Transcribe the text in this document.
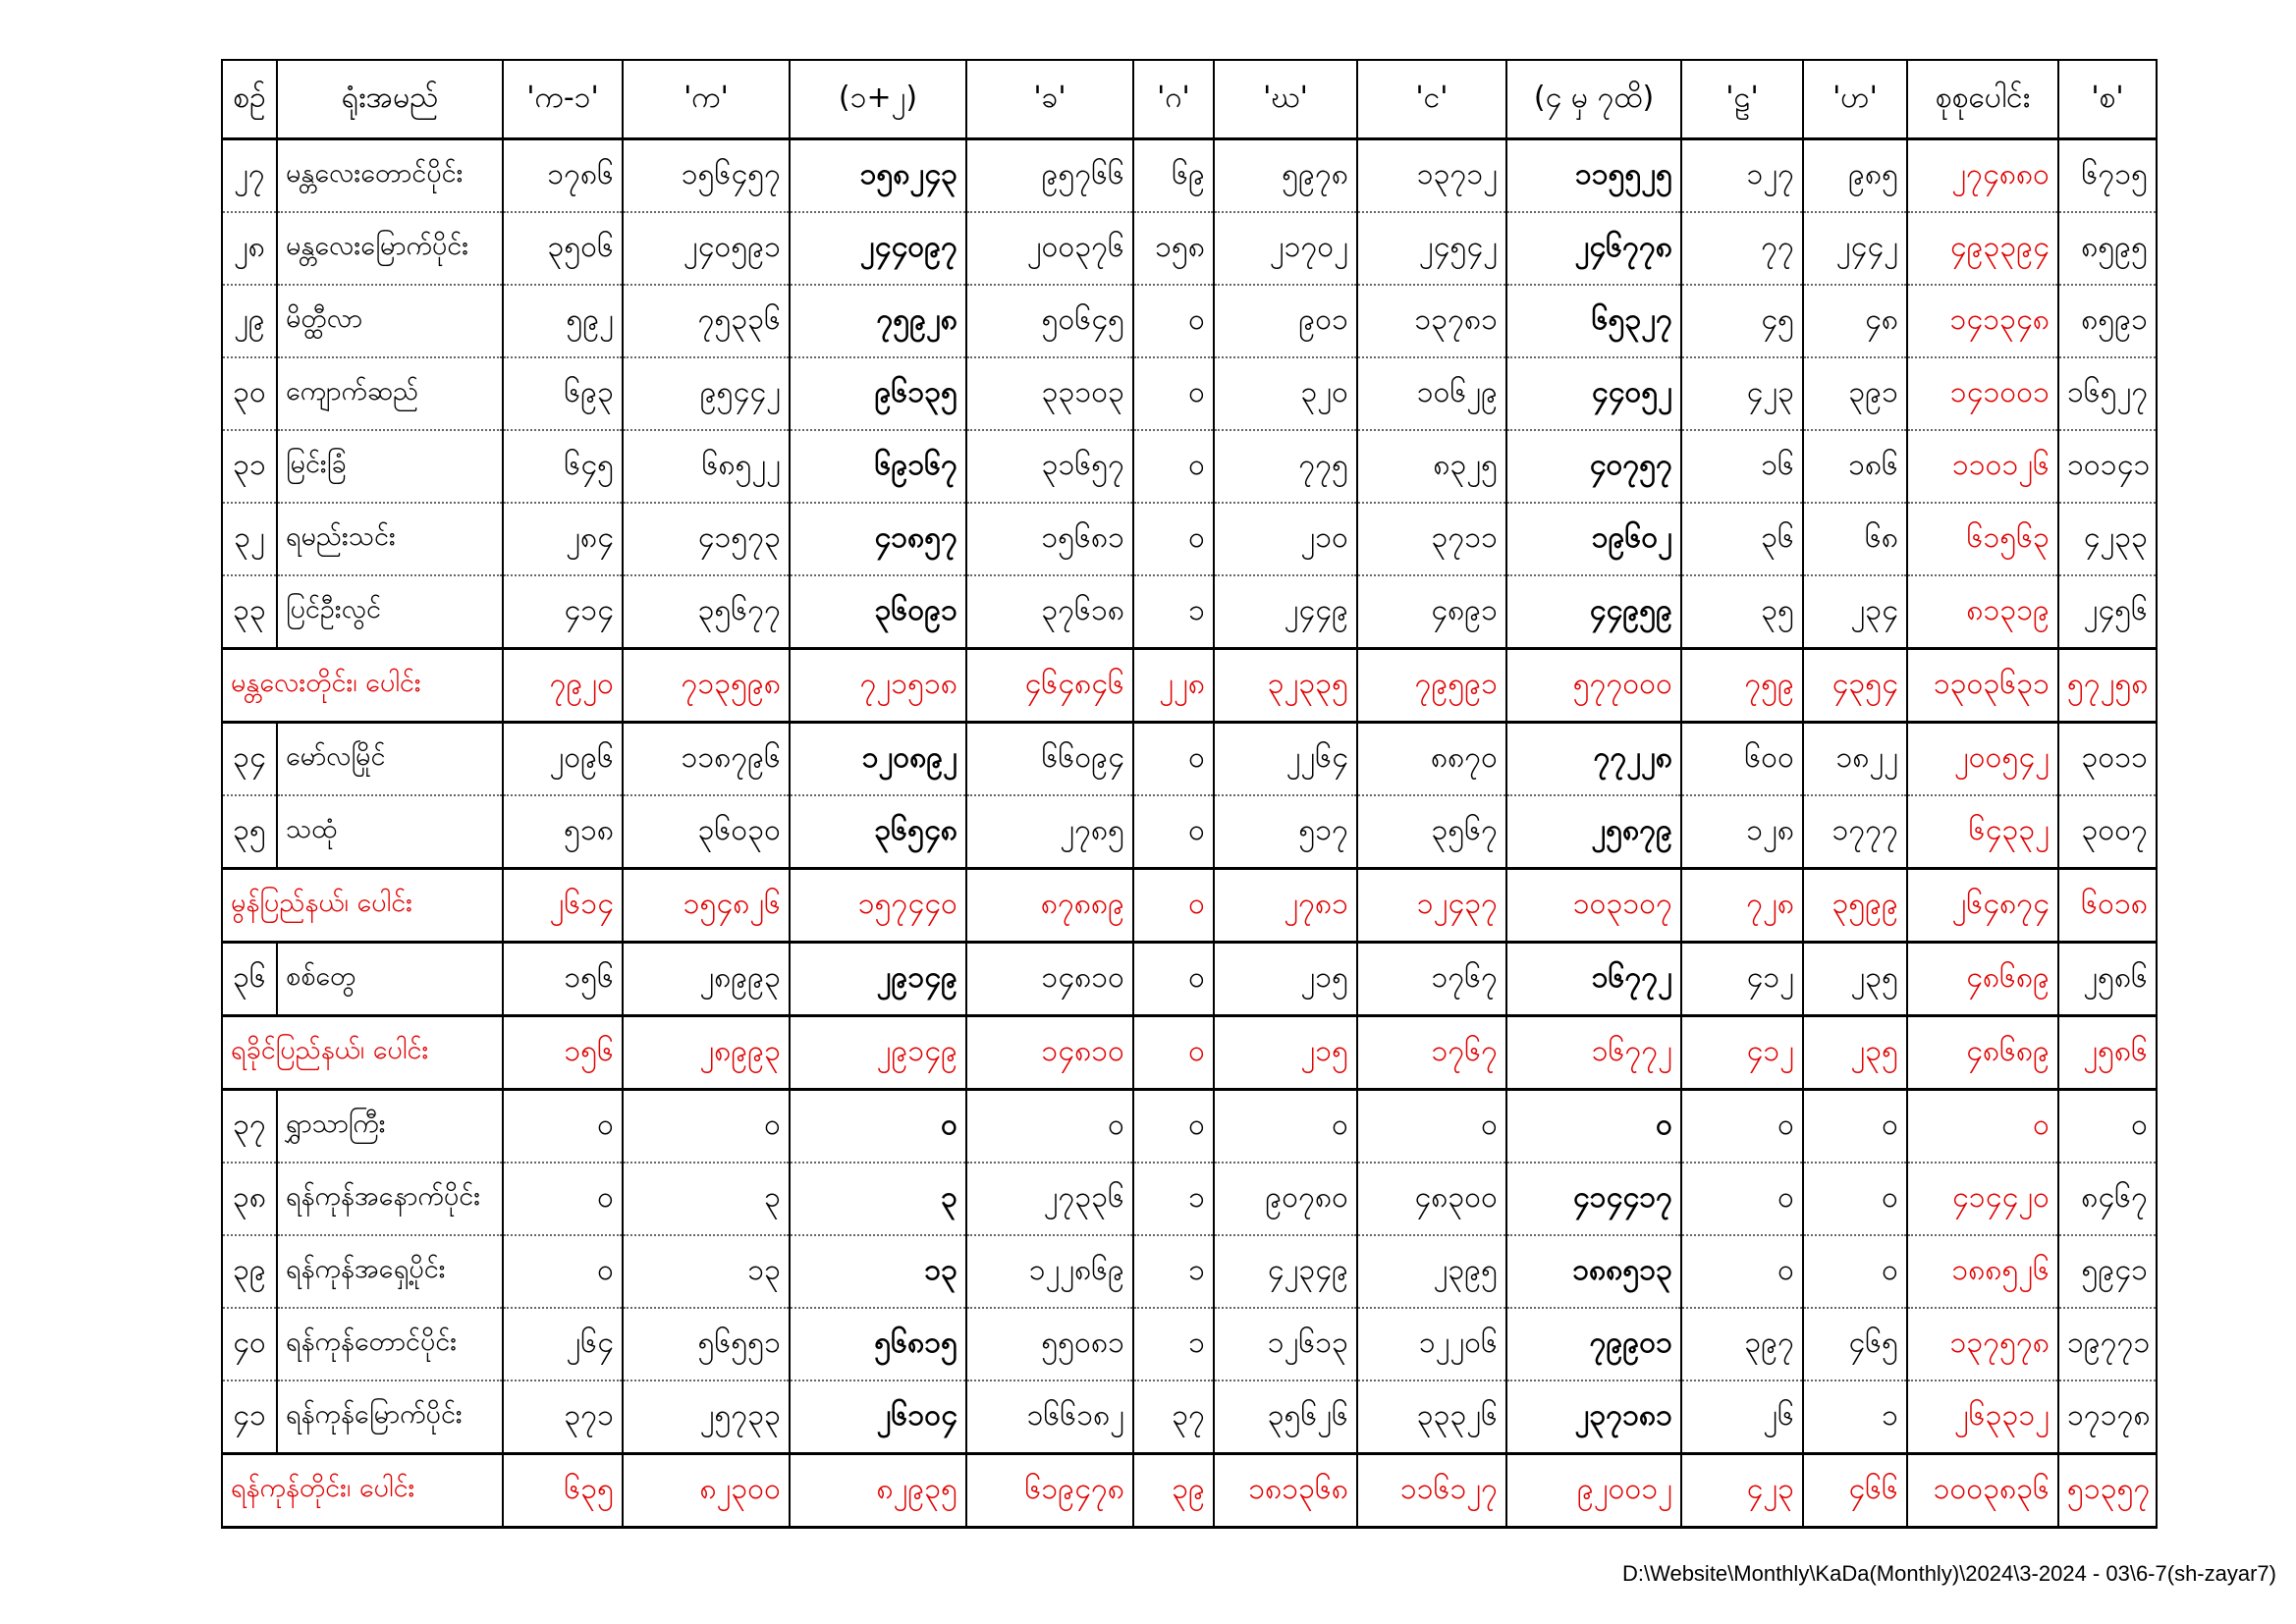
စဉ်	ရုံးအမည်	'က-၁'	'က'	(၁+၂)	'ခ'	'ဂ'	'ဃ'	'င'	(၄ မှ ၇ထိ)	'ဠ'	'ဟ'	စုစုပေါင်း	'စ'
၂၇	မန္တလေးတောင်ပိုင်း	၁၇၈၆	၁၅၆၄၅၇	၁၅၈၂၄၃	၉၅၇၆၆	၆၉	၅၉၇၈	၁၃၇၁၂	၁၁၅၅၂၅	၁၂၇	၉၈၅	၂၇၄၈၈၀	၆၇၁၅
၂၈	မန္တလေးမြောက်ပိုင်း	၃၅၀၆	၂၄၀၅၉၁	၂၄၄၀၉၇	၂၀၀၃၇၆	၁၅၈	၂၁၇၀၂	၂၄၅၄၂	၂၄၆၇၇၈	၇၇	၂၄၄၂	၄၉၃၃၉၄	၈၅၉၅
၂၉	မိတ္ထီလာ	၅၉၂	၇၅၃၃၆	၇၅၉၂၈	၅၀၆၄၅	၀	၉၀၁	၁၃၇၈၁	၆၅၃၂၇	၄၅	၄၈	၁၄၁၃၄၈	၈၅၉၁
၃၀	ကျောက်ဆည်	၆၉၃	၉၅၄၄၂	၉၆၁၃၅	၃၃၁၀၃	၀	၃၂၀	၁၀၆၂၉	၄၄၀၅၂	၄၂၃	၃၉၁	၁၄၁၀၀၁	၁၆၅၂၇
၃၁	မြင်းခြံ	၆၄၅	၆၈၅၂၂	၆၉၁၆၇	၃၁၆၅၇	၀	၇၇၅	၈၃၂၅	၄၀၇၅၇	၁၆	၁၈၆	၁၁၀၁၂၆	၁၀၁၄၁
၃၂	ရမည်းသင်း	၂၈၄	၄၁၅၇၃	၄၁၈၅၇	၁၅၆၈၁	၀	၂၁၀	၃၇၁၁	၁၉၆၀၂	၃၆	၆၈	၆၁၅၆၃	၄၂၃၃
၃၃	ပြင်ဦးလွင်	၄၁၄	၃၅၆၇၇	၃၆၀၉၁	၃၇၆၁၈	၁	၂၄၄၉	၄၈၉၁	၄၄၉၅၉	၃၅	၂၃၄	၈၁၃၁၉	၂၄၅၆
မန္တလေးတိုင်း၊ ပေါင်း		၇၉၂၀	၇၁၃၅၉၈	၇၂၁၅၁၈	၄၆၄၈၄၆	၂၂၈	၃၂၃၃၅	၇၉၅၉၁	၅၇၇၀၀၀	၇၅၉	၄၃၅၄	၁၃၀၃၆၃၁	၅၇၂၅၈
၃၄	မော်လမြိုင်	၂၀၉၆	၁၁၈၇၉၆	၁၂၀၈၉၂	၆၆၀၉၄	၀	၂၂၆၄	၈၈၇၀	၇၇၂၂၈	၆၀၀	၁၈၂၂	၂၀၀၅၄၂	၃၀၁၁
၃၅	သထုံ	၅၁၈	၃၆၀၃၀	၃၆၅၄၈	၂၇၈၅	၀	၅၁၇	၃၅၆၇	၂၅၈၇၉	၁၂၈	၁၇၇၇	၆၄၃၃၂	၃၀၀၇
မွန်ပြည်နယ်၊ ပေါင်း		၂၆၁၄	၁၅၄၈၂၆	၁၅၇၄၄၀	၈၇၈၈၉	၀	၂၇၈၁	၁၂၄၃၇	၁၀၃၁၀၇	၇၂၈	၃၅၉၉	၂၆၄၈၇၄	၆၀၁၈
၃၆	စစ်တွေ	၁၅၆	၂၈၉၉၃	၂၉၁၄၉	၁၄၈၁၀	၀	၂၁၅	၁၇၆၇	၁၆၇၇၂	၄၁၂	၂၃၅	၄၈၆၈၉	၂၅၈၆
ရခိုင်ပြည်နယ်၊ ပေါင်း		၁၅၆	၂၈၉၉၃	၂၉၁၄၉	၁၄၈၁၀	၀	၂၁၅	၁၇၆၇	၁၆၇၇၂	၄၁၂	၂၃၅	၄၈၆၈၉	၂၅၈၆
၃၇	ရွှာသာကြီး	၀	၀	၀	၀	၀	၀	၀	၀	၀	၀	၀	၀
၃၈	ရန်ကုန်အနောက်ပိုင်း	၀	၃	၃	၂၇၃၃၆	၁	၉၀၇၈၀	၄၈၃၀၀	၄၁၄၄၁၇	၀	၀	၄၁၄၄၂၀	၈၄၆၇
၃၉	ရန်ကုန်အရှေ့ပိုင်း	၀	၁၃	၁၃	၁၂၂၈၆၉	၁	၄၂၃၄၉	၂၃၉၅	၁၈၈၅၁၃	၀	၀	၁၈၈၅၂၆	၅၉၄၁
၄၀	ရန်ကုန်တောင်ပိုင်း	၂၆၄	၅၆၅၅၁	၅၆၈၁၅	၅၅၀၈၁	၁	၁၂၆၁၃	၁၂၂၀၆	၇၉၉၀၁	၃၉၇	၄၆၅	၁၃၇၅၇၈	၁၉၇၇၁
၄၁	ရန်ကုန်မြောက်ပိုင်း	၃၇၁	၂၅၇၃၃	၂၆၁၀၄	၁၆၆၁၈၂	၃၇	၃၅၆၂၆	၃၃၃၂၆	၂၃၇၁၈၁	၂၆	၁	၂၆၃၃၁၂	၁၇၁၇၈
ရန်ကုန်တိုင်း၊ ပေါင်း		၆၃၅	၈၂၃၀၀	၈၂၉၃၅	၆၁၉၄၇၈	၃၉	၁၈၁၃၆၈	၁၁၆၁၂၇	၉၂၀၀၁၂	၄၂၃	၄၆၆	၁၀၀၃၈၃၆	၅၁၃၅၇
D:\Website\Monthly\KaDa(Monthly)\2024\3-2024 - 03\6-7(sh-zayar7)
